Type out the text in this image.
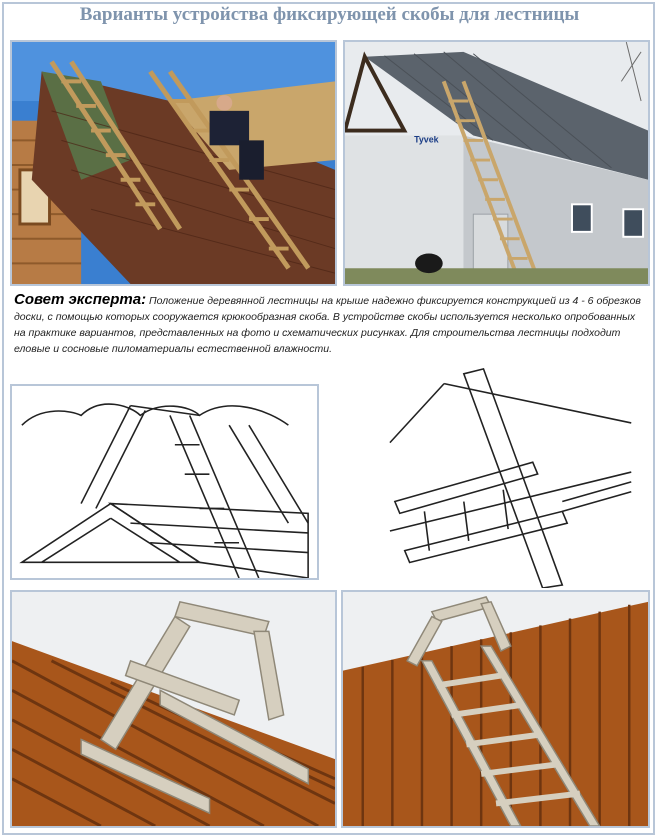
Варианты устройства фиксирующей скобы для лестницы
Tyvek
Совет эксперта: Положение деревянной лестницы на крыше надежно фиксируется конструкцией из 4 - 6 обрезков доски, с помощью которых сооружается крюкообразная скоба. В устройстве скобы используется несколько опробованных на практике вариантов, представленных на фото и схематических рисунках. Для строительства лестницы подходит еловые и сосновые пиломатериалы естественной влажности.
